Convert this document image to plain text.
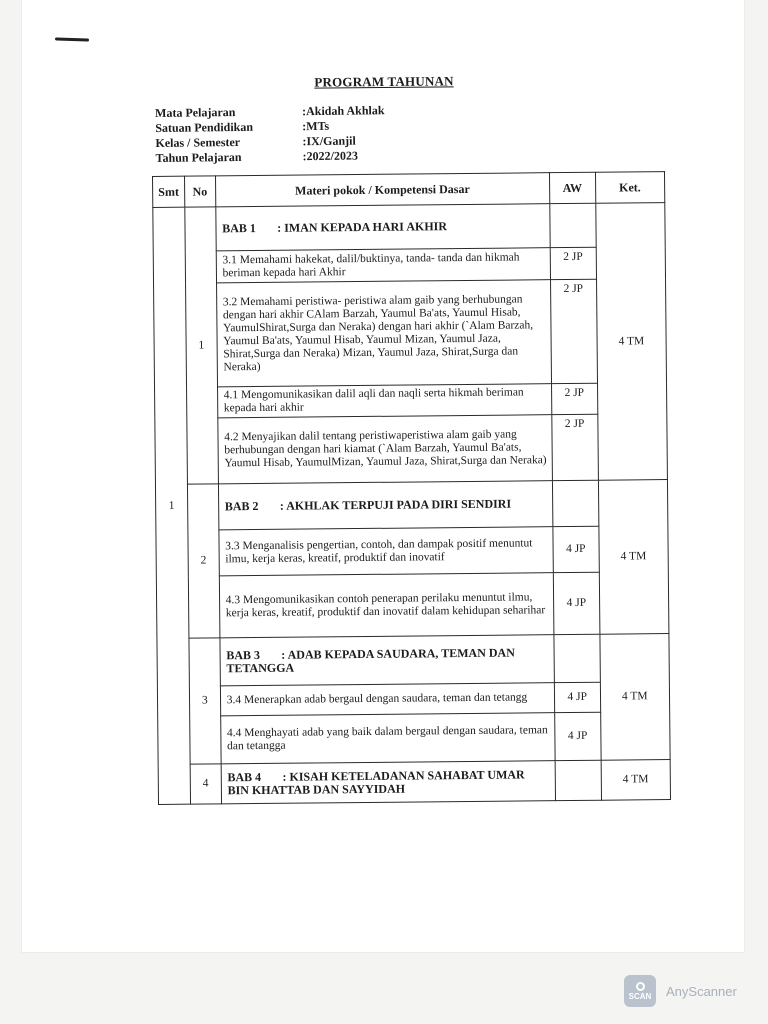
PROGRAM TAHUNAN
Mata Pelajaran	:Akidah Akhlak
Satuan Pendidikan	:MTs
Kelas / Semester	:IX/Ganjil
Tahun Pelajaran	:2022/2023
Smt	No	Materi pokok / Kompetensi Dasar	AW	Ket.
1	1	BAB 1 : IMAN KEPADA HARI AKHIR		4 TM
		3.1 Memahami hakekat, dalil/buktinya, tanda- tanda dan hikmah beriman kepada hari Akhir	2 JP	
		3.2 Memahami peristiwa- peristiwa alam gaib yang berhubungan dengan hari akhir CAlam Barzah, Yaumul Ba'ats, Yaumul Hisab, YaumulShirat,Surga dan Neraka) dengan hari akhir (`Alam Barzah, Yaumul Ba'ats, Yaumul Hisab, Yaumul Mizan, Yaumul Jaza, Shirat,Surga dan Neraka) Mizan, Yaumul Jaza, Shirat,Surga dan Neraka)	2 JP	
		4.1 Mengomunikasikan dalil aqli dan naqli serta hikmah beriman kepada hari akhir	2 JP	
		4.2 Menyajikan dalil tentang peristiwaperistiwa alam gaib yang berhubungan dengan hari kiamat (`Alam Barzah, Yaumul Ba'ats, Yaumul Hisab, YaumulMizan, Yaumul Jaza, Shirat,Surga dan Neraka)	2 JP	
	2	BAB 2 : AKHLAK TERPUJI PADA DIRI SENDIRI		4 TM
		3.3 Menganalisis pengertian, contoh, dan dampak positif menuntut ilmu, kerja keras, kreatif, produktif dan inovatif	4 JP	
		4.3 Mengomunikasikan contoh penerapan perilaku menuntut ilmu, kerja keras, kreatif, produktif dan inovatif dalam kehidupan seharihar	4 JP	
	3	BAB 3 : ADAB KEPADA SAUDARA, TEMAN DAN TETANGGA		4 TM
		3.4 Menerapkan adab bergaul dengan saudara, teman dan tetangg	4 JP	
		4.4 Menghayati adab yang baik dalam bergaul dengan saudara, teman dan tetangga	4 JP	
	4	BAB 4 : KISAH KETELADANAN SAHABAT UMAR BIN KHATTAB DAN SAYYIDAH		4 TM
SCAN AnyScanner
